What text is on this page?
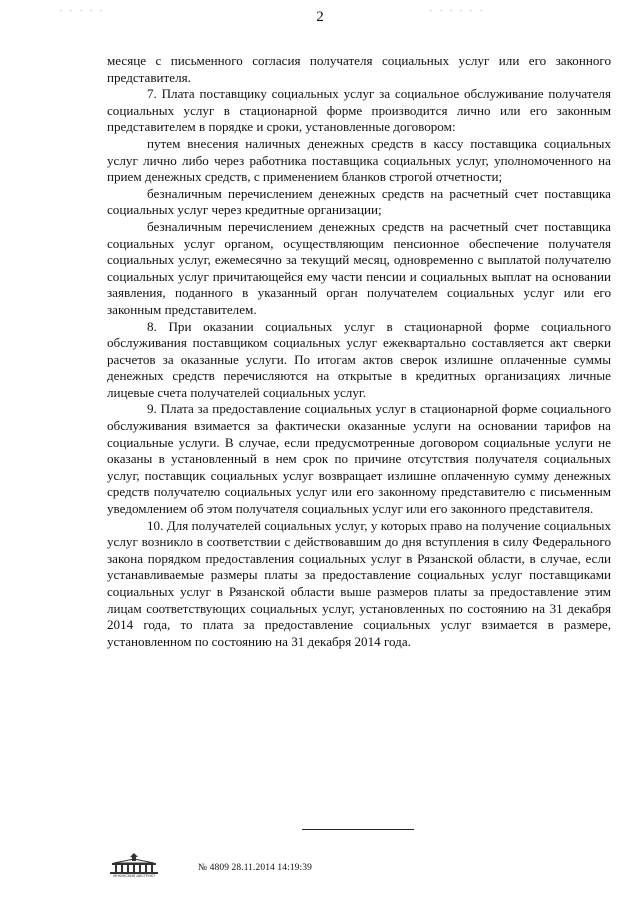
2

месяце с письменного согласия получателя социальных услуг или его законного представителя.

7. Плата поставщику социальных услуг за социальное обслуживание получателя социальных услуг в стационарной форме производится лично или его законным представителем в порядке и сроки, установленные договором:

путем внесения наличных денежных средств в кассу поставщика социальных услуг лично либо через работника поставщика социальных услуг, уполномоченного на прием денежных средств, с применением бланков строгой отчетности;

безналичным перечислением денежных средств на расчетный счет поставщика социальных услуг через кредитные организации;

безналичным перечислением денежных средств на расчетный счет поставщика социальных услуг органом, осуществляющим пенсионное обеспечение получателя социальных услуг, ежемесячно за текущий месяц, одновременно с выплатой получателю социальных услуг причитающейся ему части пенсии и социальных выплат на основании заявления, поданного в указанный орган получателем социальных услуг или его законным представителем.

8. При оказании социальных услуг в стационарной форме социального обслуживания поставщиком социальных услуг ежеквартально составляется акт сверки расчетов за оказанные услуги. По итогам актов сверок излишне оплаченные суммы денежных средств перечисляются на открытые в кредитных организациях личные лицевые счета получателей социальных услуг.

9. Плата за предоставление социальных услуг в стационарной форме социального обслуживания взимается за фактически оказанные услуги на основании тарифов на социальные услуги. В случае, если предусмотренные договором социальные услуги не оказаны в установленный в нем срок по причине отсутствия получателя социальных услуг, поставщик социальных услуг возвращает излишне оплаченную сумму денежных средств получателю социальных услуг или его законному представителю с письменным уведомлением об этом получателя социальных услуг или его законного представителя.

10. Для получателей социальных услуг, у которых право на получение социальных услуг возникло в соответствии с действовавшим до дня вступления в силу Федерального закона порядком предоставления социальных услуг в Рязанской области, в случае, если устанавливаемые размеры платы за предоставление социальных услуг поставщиками социальных услуг в Рязанской области выше размеров платы за предоставление этим лицам соответствующих социальных услуг, установленных по состоянию на 31 декабря 2014 года, то плата за предоставление социальных услуг взимается в размере, установленном по состоянию на 31 декабря 2014 года.

ЛЕНИНСКИЙ ДИСТРИКТ
№ 4809 28.11.2014 14:19:39
. . . . .	. . . . . .
